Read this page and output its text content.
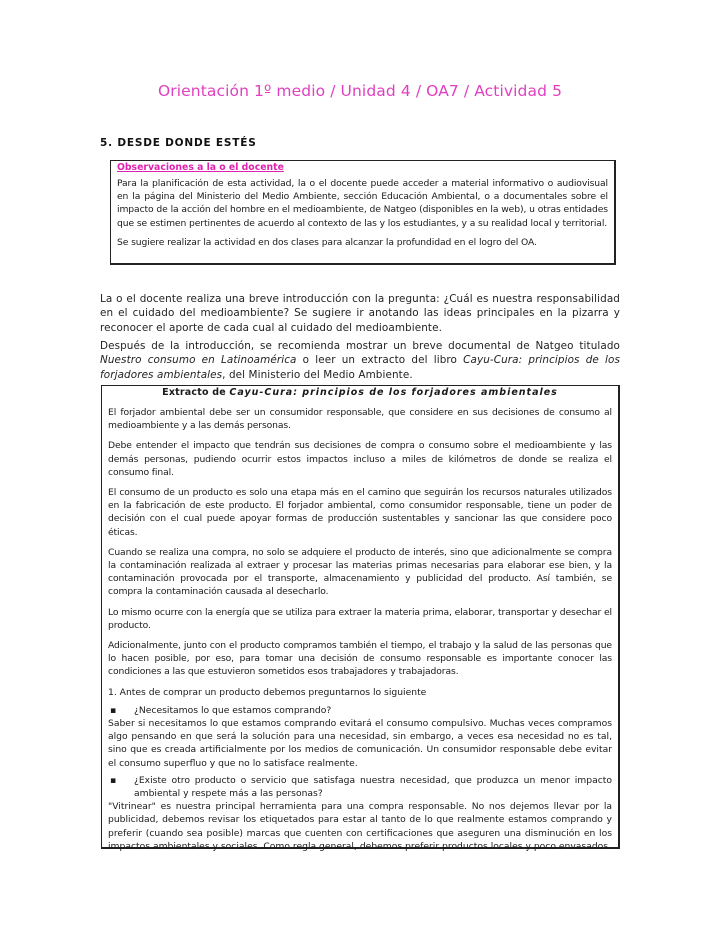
Orientación 1º medio / Unidad 4 / OA7 / Actividad 5
5. DESDE DONDE ESTÉS
Observaciones a la o el docente

Para la planificación de esta actividad, la o el docente puede acceder a material informativo o audiovisual en la página del Ministerio del Medio Ambiente, sección Educación Ambiental, o a documentales sobre el impacto de la acción del hombre en el medioambiente, de Natgeo (disponibles en la web), u otras entidades que se estimen pertinentes de acuerdo al contexto de las y los estudiantes, y a su realidad local y territorial.

Se sugiere realizar la actividad en dos clases para alcanzar la profundidad en el logro del OA.

La o el docente realiza una breve introducción con la pregunta: ¿Cuál es nuestra responsabilidad en el cuidado del medioambiente? Se sugiere ir anotando las ideas principales en la pizarra y reconocer el aporte de cada cual al cuidado del medioambiente.

Después de la introducción, se recomienda mostrar un breve documental de Natgeo titulado Nuestro consumo en Latinoamérica o leer un extracto del libro Cayu-Cura: principios de los forjadores ambientales, del Ministerio del Medio Ambiente.

Extracto de Cayu-Cura: principios de los forjadores ambientales

El forjador ambiental debe ser un consumidor responsable, que considere en sus decisiones de consumo al medioambiente y a las demás personas.

Debe entender el impacto que tendrán sus decisiones de compra o consumo sobre el medioambiente y las demás personas, pudiendo ocurrir estos impactos incluso a miles de kilómetros de donde se realiza el consumo final.

El consumo de un producto es solo una etapa más en el camino que seguirán los recursos naturales utilizados en la fabricación de este producto. El forjador ambiental, como consumidor responsable, tiene un poder de decisión con el cual puede apoyar formas de producción sustentables y sancionar las que considere poco éticas.

Cuando se realiza una compra, no solo se adquiere el producto de interés, sino que adicionalmente se compra la contaminación realizada al extraer y procesar las materias primas necesarias para elaborar ese bien, y la contaminación provocada por el transporte, almacenamiento y publicidad del producto. Así también, se compra la contaminación causada al desecharlo.

Lo mismo ocurre con la energía que se utiliza para extraer la materia prima, elaborar, transportar y desechar el producto.

Adicionalmente, junto con el producto compramos también el tiempo, el trabajo y la salud de las personas que lo hacen posible, por eso, para tomar una decisión de consumo responsable es importante conocer las condiciones a las que estuvieron sometidos esos trabajadores y trabajadoras.

1. Antes de comprar un producto debemos preguntarnos lo siguiente
▪	¿Necesitamos lo que estamos comprando?

Saber si necesitamos lo que estamos comprando evitará el consumo compulsivo. Muchas veces compramos algo pensando en que será la solución para una necesidad, sin embargo, a veces esa necesidad no es tal, sino que es creada artificialmente por los medios de comunicación. Un consumidor responsable debe evitar el consumo superfluo y que no lo satisface realmente.

▪	¿Existe otro producto o servicio que satisfaga nuestra necesidad, que produzca un menor impacto ambiental y respete más a las personas?

"Vitrinear" es nuestra principal herramienta para una compra responsable. No nos dejemos llevar por la publicidad, debemos revisar los etiquetados para estar al tanto de lo que realmente estamos comprando y preferir (cuando sea posible) marcas que cuenten con certificaciones que aseguren una disminución en los impactos ambientales y sociales. Como regla general, debemos preferir productos locales y poco envasados.
